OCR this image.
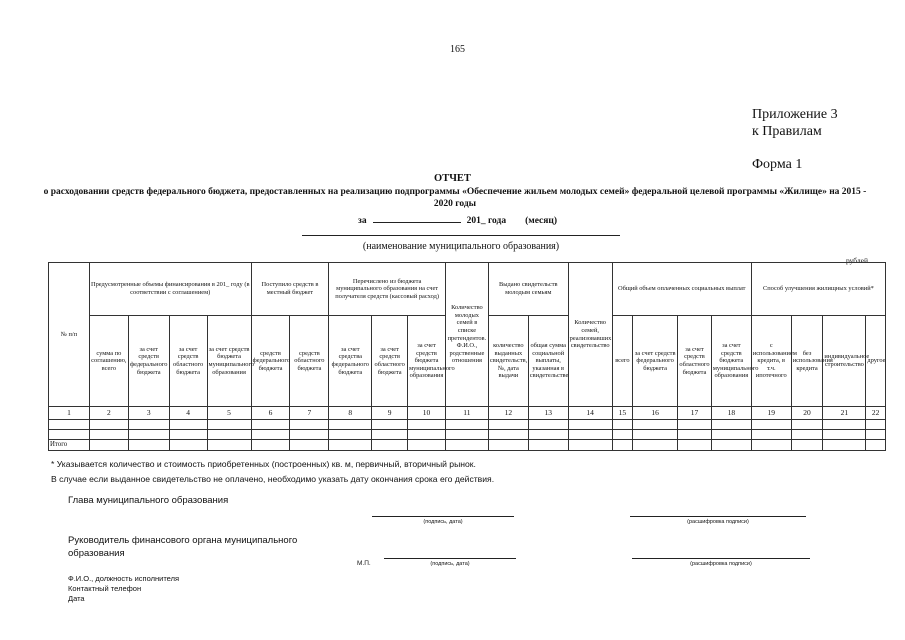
165
Приложение 3
к Правилам
Форма 1
ОТЧЕТ
о расходовании средств федерального бюджета, предоставленных на реализацию подпрограммы «Обеспечение жильем молодых семей» федеральной целевой программы «Жилище» на 2015 - 2020 годы
за	201_ года (месяц)
(наименование муниципального образования)
рублей
№ п/п	Предусмотренные объемы финансирования в 201_ году (в соответствии с соглашением)				Поступило средств в местный бюджет		Перечислено из бюджета муниципального образования на счет получателя средств (кассовый расход)			Количество молодых семей в списке претендентов. Ф.И.О., родственные отношения	Выдано свидетельств молодым семьям		Количество семей, реализовавших свидетельство	Общий объем оплаченных социальных выплат				Способ улучшения жилищных условий*			
	сумма по соглашению, всего	за счет средств федерального бюджета	за счет средств областного бюджета	за счет средств бюджета муниципального образования	средств федерального бюджета	средств областного бюджета	за счет средства федерального бюджета	за счет средств областного бюджета	за счет средств бюджета муниципального образования		количество выданных свидетельств, №, дата выдачи	общая сумма социальной выплаты, указанная в свидетельстве		всего	за счет средств федерального бюджета	за счет средств областного бюджета	за счет средств бюджета муниципального образования	с использованием кредита, в т.ч. ипотечного	без использования кредита	индивидуальное строительство	другое
1	2	3	4	5	6	7	8	9	10	11	12	13	14	15	16	17	18	19	20	21	22

Итого																					
* Указывается количество и стоимость приобретенных (построенных) кв. м, первичный, вторичный рынок.
В случае если выданное свидетельство не оплачено, необходимо указать дату окончания срока его действия.
Глава муниципального образования
(подпись, дата)	(расшифровка подписи)
Руководитель финансового органа муниципального
образования
М.П.	(подпись, дата)	(расшифровка подписи)
Ф.И.О., должность исполнителя
Контактный телефон
Дата
